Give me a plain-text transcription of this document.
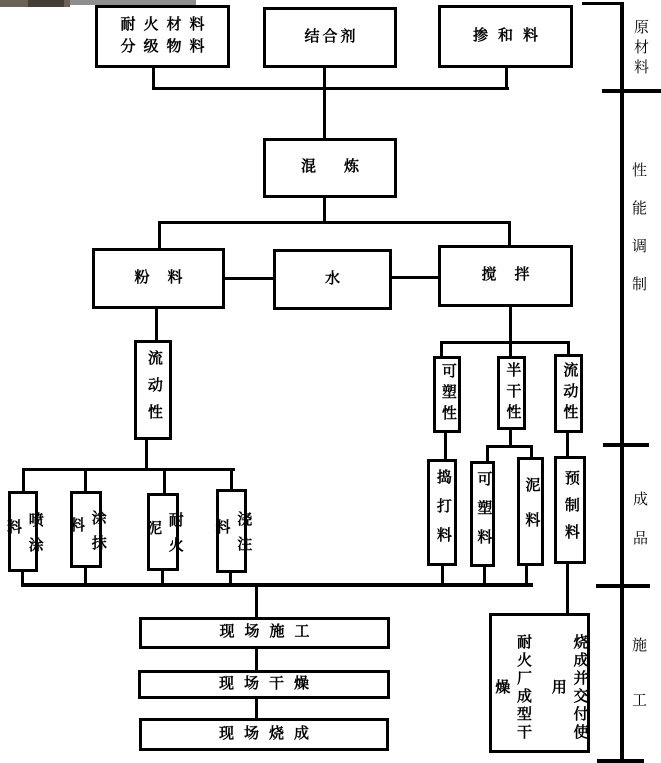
耐火材料
分级物料
结合剂	掺和料
混炼
粉料	水	搅拌
流动性
喷涂料	涂抹料	耐火泥	浇注料
可塑性	半干性	流动性
捣打料 可塑料 泥料 预制料
现场施工
现场干燥
现场烧成	耐火厂成型干燥	烧成并交付使用
原材料
性能调制
成品
施工
